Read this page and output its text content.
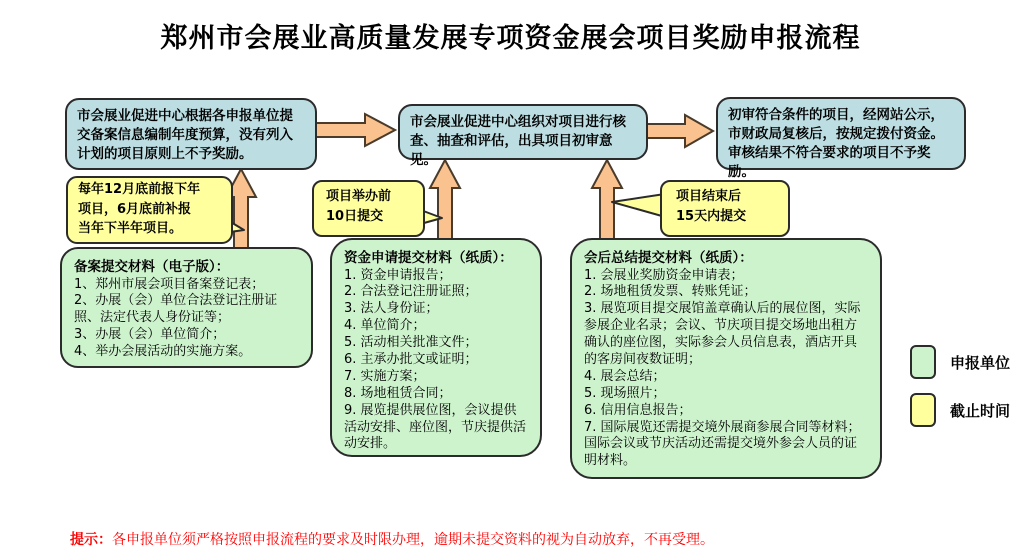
郑州市会展业高质量发展专项资金展会项目奖励申报流程
市会展业促进中心根据各申报单位提交备案信息编制年度预算，没有列入计划的项目原则上不予奖励。
市会展业促进中心组织对项目进行核查、抽查和评估，出具项目初审意见。
初审符合条件的项目，经网站公示，市财政局复核后，按规定拨付资金。审核结果不符合要求的项目不予奖励。
每年12月底前报下年
项目，6月底前补报
当年下半年项目。
项目举办前
10日提交
项目结束后
15天内提交
备案提交材料（电子版）：
1、郑州市展会项目备案登记表；
2、办展（会）单位合法登记注册证照、法定代表人身份证等；
3、办展（会）单位简介；
4、举办会展活动的实施方案。
资金申请提交材料（纸质）：
1. 资金申请报告；
2. 合法登记注册证照；
3. 法人身份证；
4. 单位简介；
5. 活动相关批准文件；
6. 主承办批文或证明；
7. 实施方案；
8. 场地租赁合同；
9. 展览提供展位图，会议提供活动安排、座位图，节庆提供活动安排。
会后总结提交材料（纸质）：
1. 会展业奖励资金申请表；
2. 场地租赁发票、转账凭证；
3. 展览项目提交展馆盖章确认后的展位图，实际参展企业名录；会议、节庆项目提交场地出租方确认的座位图，实际参会人员信息表，酒店开具的客房间夜数证明；
4. 展会总结；
5. 现场照片；
6. 信用信息报告；
7. 国际展览还需提交境外展商参展合同等材料；国际会议或节庆活动还需提交境外参会人员的证明材料。
申报单位
截止时间
提示：各申报单位须严格按照申报流程的要求及时限办理，逾期未提交资料的视为自动放弃，不再受理。
